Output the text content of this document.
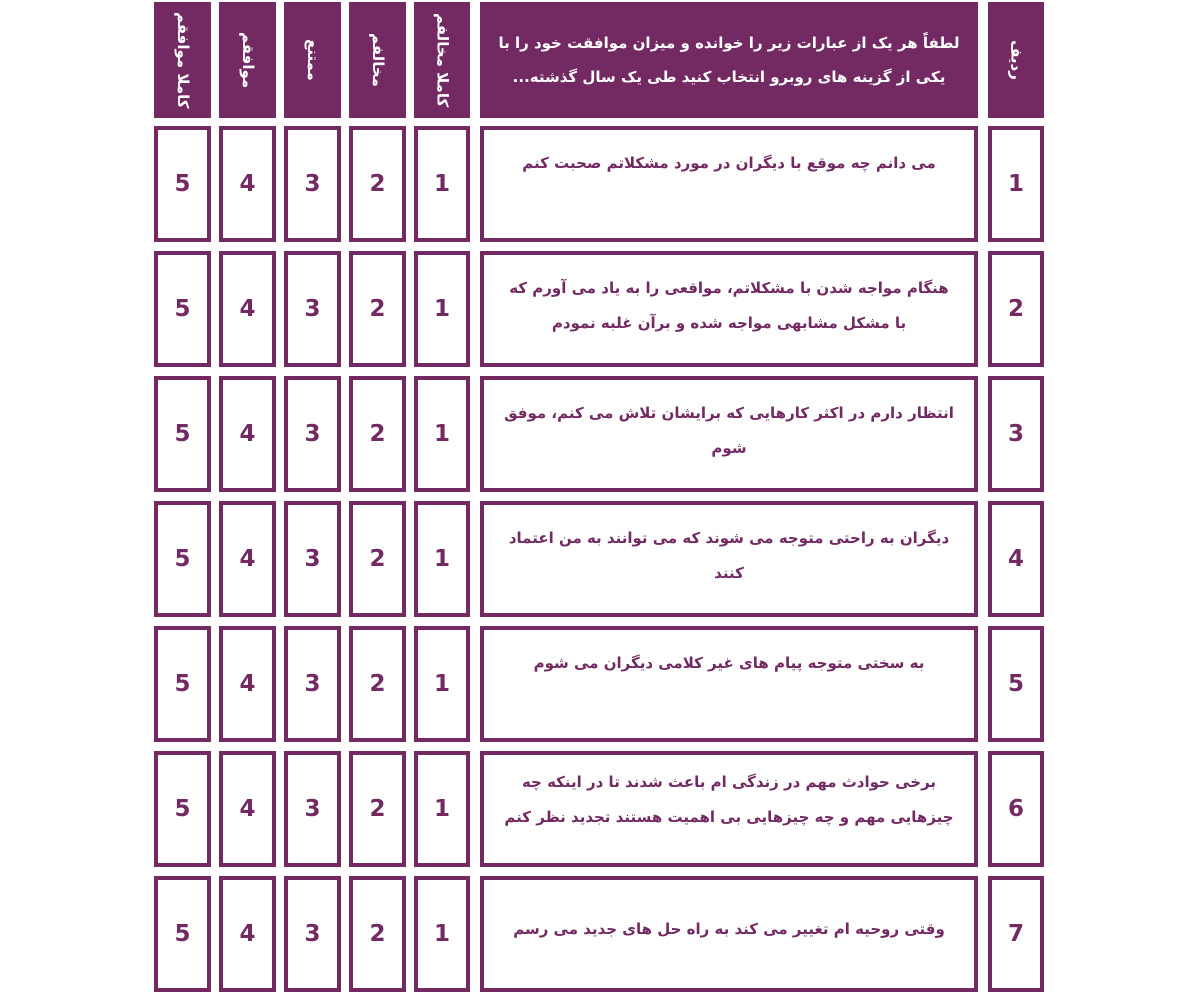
ردیف
لطفاً هر یک از عبارات زیر را خوانده و میزان موافقت خود را با یکی از گزینه های روبرو انتخاب کنید طی یک سال گذشته...
کاملا مخالفم
مخالفم
ممتنع
موافقم
کاملا موافقم
1
می دانم چه موقع با دیگران در مورد مشکلاتم صحبت کنم
1
2
3
4
5
2
هنگام مواجه شدن با مشکلاتم، مواقعی را به یاد می آورم که با مشکل مشابهی مواجه شده و برآن غلبه نمودم
1
2
3
4
5
3
انتظار دارم در اکثر کارهایی که برایشان تلاش می کنم، موفق شوم
1
2
3
4
5
4
دیگران به راحتی متوجه می شوند که می توانند به من اعتماد کنند
1
2
3
4
5
5
به سختی متوجه پیام های غیر کلامی دیگران می شوم
1
2
3
4
5
6
برخی حوادث مهم در زندگی ام باعث شدند تا در اینکه چه چیزهایی مهم و چه چیزهایی بی اهمیت هستند تجدید نظر کنم
1
2
3
4
5
7
وقتی روحیه ام تغییر می کند به راه حل های جدید می رسم
1
2
3
4
5
